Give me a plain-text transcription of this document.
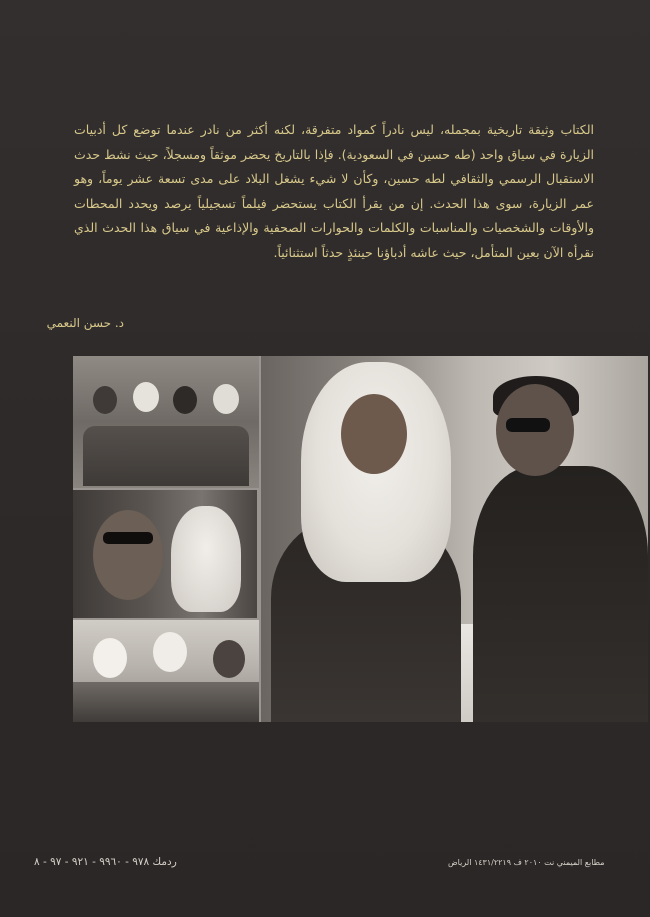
الكتاب وثيقة تاريخية بمجمله، ليس نادراً كمواد متفرقة، لكنه أكثر من نادر عندما توضع كل أدبيات الزيارة في سياق واحد (طه حسين في السعودية). فإذا بالتاريخ يحضر موثقاً ومسجلاً، حيث نشط حدث الاستقبال الرسمي والثقافي لطه حسين، وكأن لا شيء يشغل البلاد على مدى تسعة عشر يوماً، وهو عمر الزيارة، سوى هذا الحدث. إن من يقرأ الكتاب يستحضر فيلماً تسجيلياً يرصد ويحدد المحطات والأوقات والشخصيات والمناسبات والكلمات والحوارات الصحفية والإذاعية في سياق هذا الحدث الذي نقرأه الآن بعين المتأمل، حيث عاشه أدباؤنا حينئذٍ حدثاً استثنائياً.

د. حسن النعمي
ردمك ٩٧٨ - ٩٩٦٠ - ٩٢١ - ٩٧ - ٨	مطابع الميمني نت ٢٠١٠ ف ١٤٣١/٢٢١٩ الرياض
